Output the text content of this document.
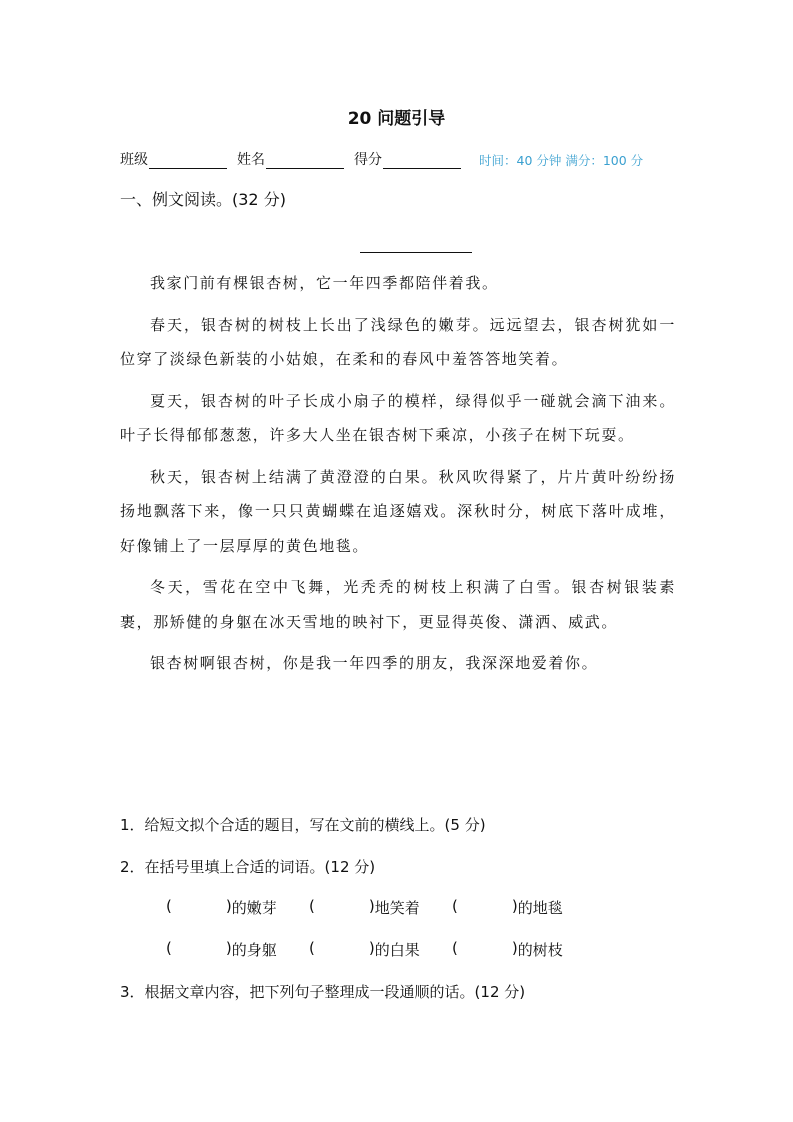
20 问题引导
班级	姓名	得分	时间：40 分钟 满分：100 分
一、例文阅读。(32 分)

我家门前有棵银杏树，它一年四季都陪伴着我。

春天，银杏树的树枝上长出了浅绿色的嫩芽。远远望去，银杏树犹如一位穿了淡绿色新装的小姑娘，在柔和的春风中羞答答地笑着。

夏天，银杏树的叶子长成小扇子的模样，绿得似乎一碰就会滴下油来。叶子长得郁郁葱葱，许多大人坐在银杏树下乘凉，小孩子在树下玩耍。

秋天，银杏树上结满了黄澄澄的白果。秋风吹得紧了，片片黄叶纷纷扬扬地飘落下来，像一只只黄蝴蝶在追逐嬉戏。深秋时分，树底下落叶成堆，好像铺上了一层厚厚的黄色地毯。

冬天，雪花在空中飞舞，光秃秃的树枝上积满了白雪。银杏树银装素裹，那矫健的身躯在冰天雪地的映衬下，更显得英俊、潇洒、威武。

银杏树啊银杏树，你是我一年四季的朋友，我深深地爱着你。

1．给短文拟个合适的题目，写在文前的横线上。(5 分)
2．在括号里填上合适的词语。(12 分)
(	) 的嫩芽 (	) 地笑着 (	) 的地毯
(	) 的身躯 (	) 的白果 (	) 的树枝
3．根据文章内容，把下列句子整理成一段通顺的话。(12 分)
